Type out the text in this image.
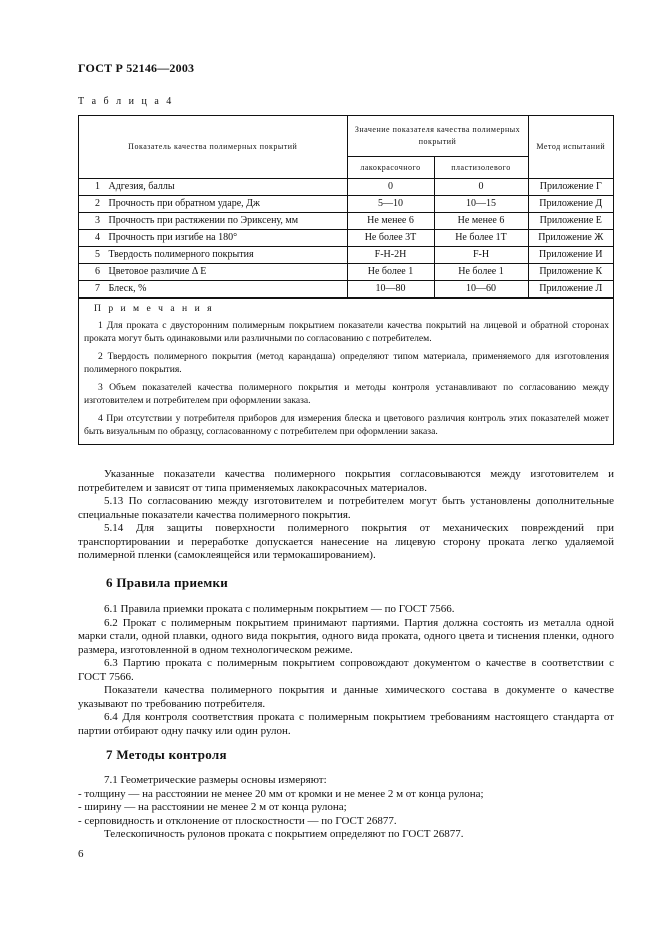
ГОСТ Р 52146—2003
Т а б л и ц а 4
Показатель качества полимерных покрытий	Значение показателя качества полимерных покрытий		Метод испытаний
	лакокрасочного	пластизолевого	
1 Адгезия, баллы	0	0	Приложение Г
2 Прочность при обратном ударе, Дж	5—10	10—15	Приложение Д
3 Прочность при растяжении по Эриксену, мм	Не менее 6	Не менее 6	Приложение Е
4 Прочность при изгибе на 180°	Не более 3Т	Не более 1Т	Приложение Ж
5 Твердость полимерного покрытия	F-H-2H	F-H	Приложение И
6 Цветовое различие Δ E	Не более 1	Не более 1	Приложение К
7 Блеск, %	10—80	10—60	Приложение Л
П р и м е ч а н и я

1 Для проката с двусторонним полимерным покрытием показатели качества покрытий на лицевой и обратной сторонах проката могут быть одинаковыми или различными по согласованию с потребителем.

2 Твердость полимерного покрытия (метод карандаша) определяют типом материала, применяемого для изготовления полимерного покрытия.

3 Объем показателей качества полимерного покрытия и методы контроля устанавливают по согласованию между изготовителем и потребителем при оформлении заказа.

4 При отсутствии у потребителя приборов для измерения блеска и цветового различия контроль этих показателей может быть визуальным по образцу, согласованному с потребителем при оформлении заказа.

Указанные показатели качества полимерного покрытия согласовываются между изготовителем и потребителем и зависят от типа применяемых лакокрасочных материалов.

5.13 По согласованию между изготовителем и потребителем могут быть установлены дополнительные специальные показатели качества полимерного покрытия.

5.14 Для защиты поверхности полимерного покрытия от механических повреждений при транспортировании и переработке допускается нанесение на лицевую сторону проката легко удаляемой полимерной пленки (самоклеящейся или термокашированием).

6 Правила приемки

6.1 Правила приемки проката с полимерным покрытием — по ГОСТ 7566.

6.2 Прокат с полимерным покрытием принимают партиями. Партия должна состоять из металла одной марки стали, одной плавки, одного вида покрытия, одного вида проката, одного цвета и тиснения пленки, одного размера, изготовленной в одном технологическом режиме.

6.3 Партию проката с полимерным покрытием сопровождают документом о качестве в соответствии с ГОСТ 7566.

Показатели качества полимерного покрытия и данные химического состава в документе о качестве указывают по требованию потребителя.

6.4 Для контроля соответствия проката с полимерным покрытием требованиям настоящего стандарта от партии отбирают одну пачку или один рулон.

7 Методы контроля

7.1 Геометрические размеры основы измеряют:

- толщину — на расстоянии не менее 20 мм от кромки и не менее 2 м от конца рулона;

- ширину — на расстоянии не менее 2 м от конца рулона;

- серповидность и отклонение от плоскостности — по ГОСТ 26877.

Телескопичность рулонов проката с покрытием определяют по ГОСТ 26877.

6
